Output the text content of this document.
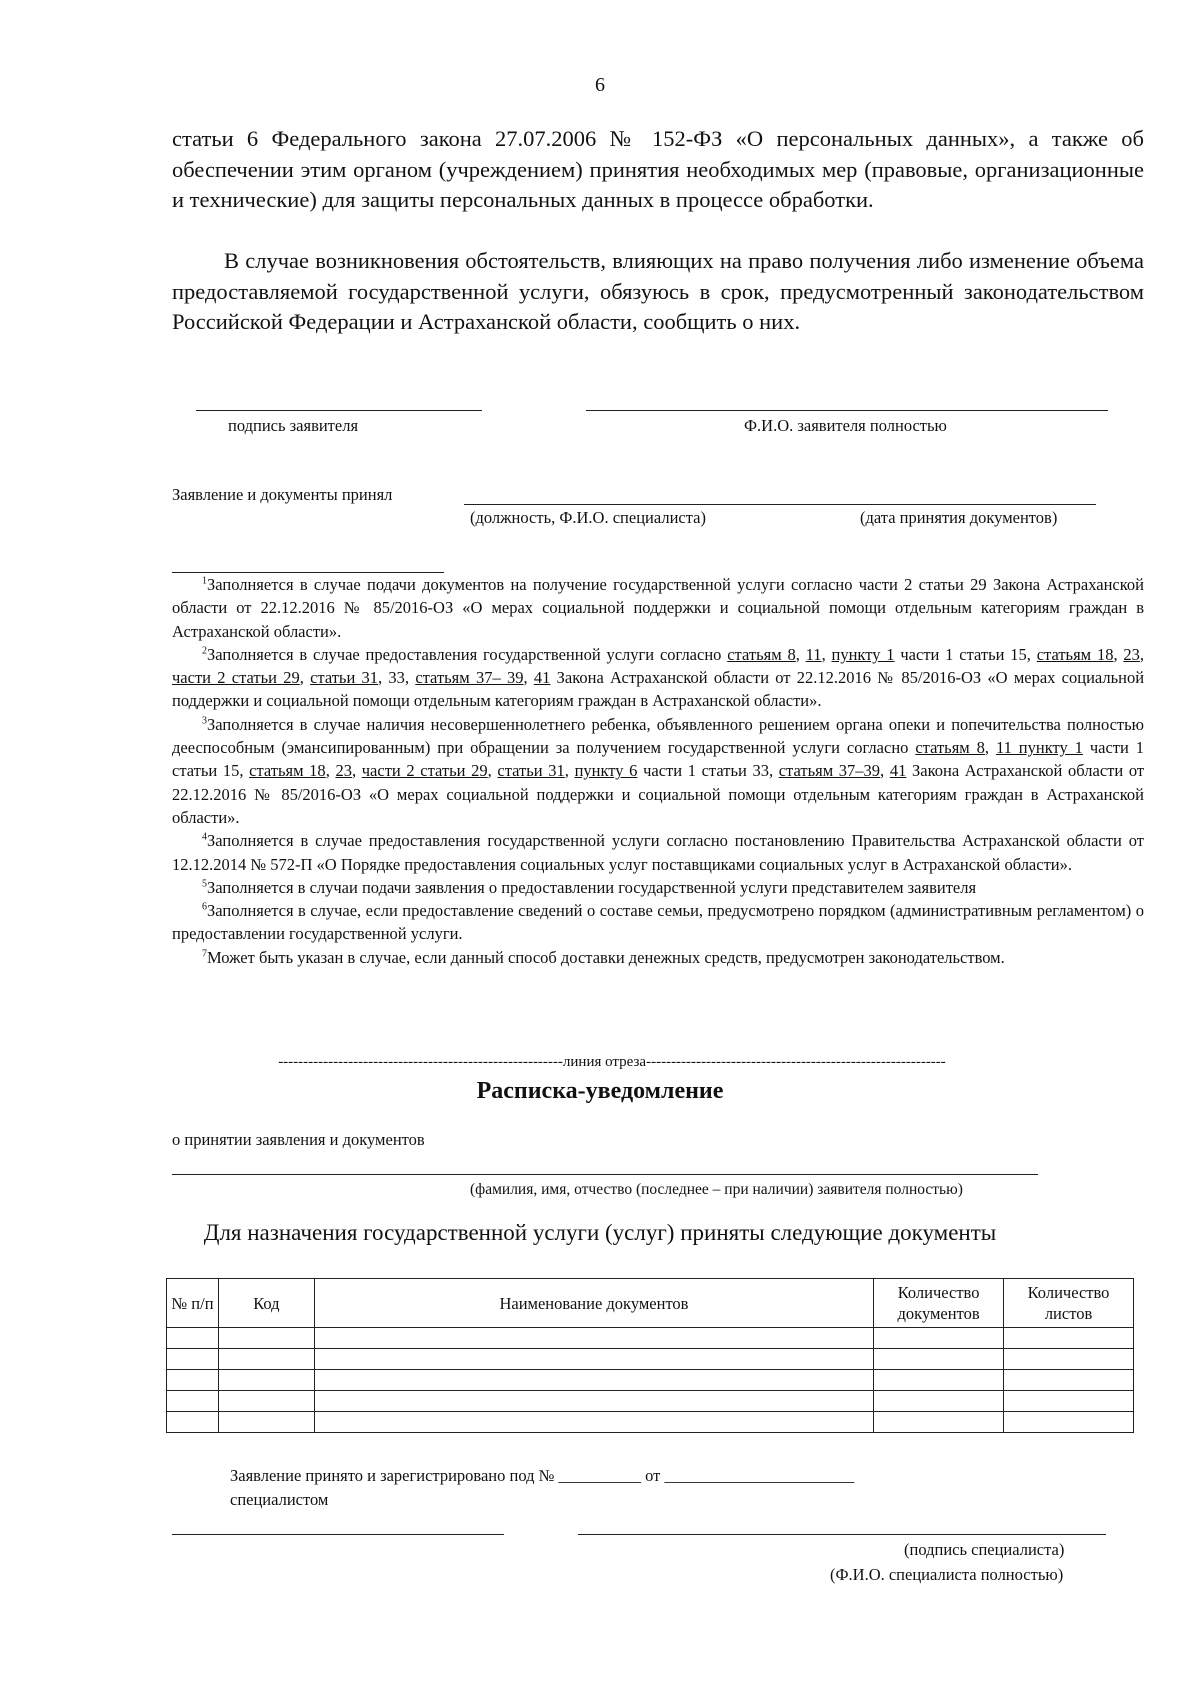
6

статьи 6 Федерального закона 27.07.2006 № 152-ФЗ «О персональных данных», а также об обеспечении этим органом (учреждением) принятия необходимых мер (правовые, организационные и технические) для защиты персональных данных в процессе обработки.

В случае возникновения обстоятельств, влияющих на право получения либо изменение объема предоставляемой государственной услуги, обязуюсь в срок, предусмотренный законодательством Российской Федерации и Астраханской области, сообщить о них.

подпись заявителя	Ф.И.О. заявителя полностью
Заявление и документы принял
(должность, Ф.И.О. специалиста)	(дата принятия документов)

$^1$Заполняется в случае подачи документов на получение государственной услуги согласно части 2 статьи 29 Закона Астраханской области от 22.12.2016 № 85/2016-ОЗ «О мерах социальной поддержки и социальной помощи отдельным категориям граждан в Астраханской области».

$^2$Заполняется в случае предоставления государственной услуги согласно статьям 8, 11, пункту 1 части 1 статьи 15, статьям 18, 23, части 2 статьи 29, статьи 31, 33, статьям 37– 39, 41 Закона Астраханской области от 22.12.2016 № 85/2016-ОЗ «О мерах социальной поддержки и социальной помощи отдельным категориям граждан в Астраханской области».

$^3$Заполняется в случае наличия несовершеннолетнего ребенка, объявленного решением органа опеки и попечительства полностью дееспособным (эмансипированным) при обращении за получением государственной услуги согласно статьям 8, 11 пункту 1 части 1 статьи 15, статьям 18, 23, части 2 статьи 29, статьи 31, пункту 6 части 1 статьи 33, статьям 37–39, 41 Закона Астраханской области от 22.12.2016 № 85/2016-ОЗ «О мерах социальной поддержки и социальной помощи отдельным категориям граждан в Астраханской области».

$^4$Заполняется в случае предоставления государственной услуги согласно постановлению Правительства Астраханской области от 12.12.2014 № 572-П «О Порядке предоставления социальных услуг поставщиками социальных услуг в Астраханской области».

$^5$Заполняется в случаи подачи заявления о предоставлении государственной услуги представителем заявителя

$^6$Заполняется в случае, если предоставление сведений о составе семьи, предусмотрено порядком (административным регламентом) о предоставлении государственной услуги.

$^7$Может быть указан в случае, если данный способ доставки денежных средств, предусмотрен законодательством.

---------------------------------------------------------линия отреза------------------------------------------------------------
Расписка-уведомление
о принятии заявления и документов
(фамилия, имя, отчество (последнее – при наличии) заявителя полностью)
Для назначения государственной услуги (услуг) приняты следующие документы
№ п/п	Код	Наименование документов	Количество документов	Количество листов

Заявление принято и зарегистрировано под № __________ от _______________________
специалистом
(подпись специалиста)
(Ф.И.О. специалиста полностью)
